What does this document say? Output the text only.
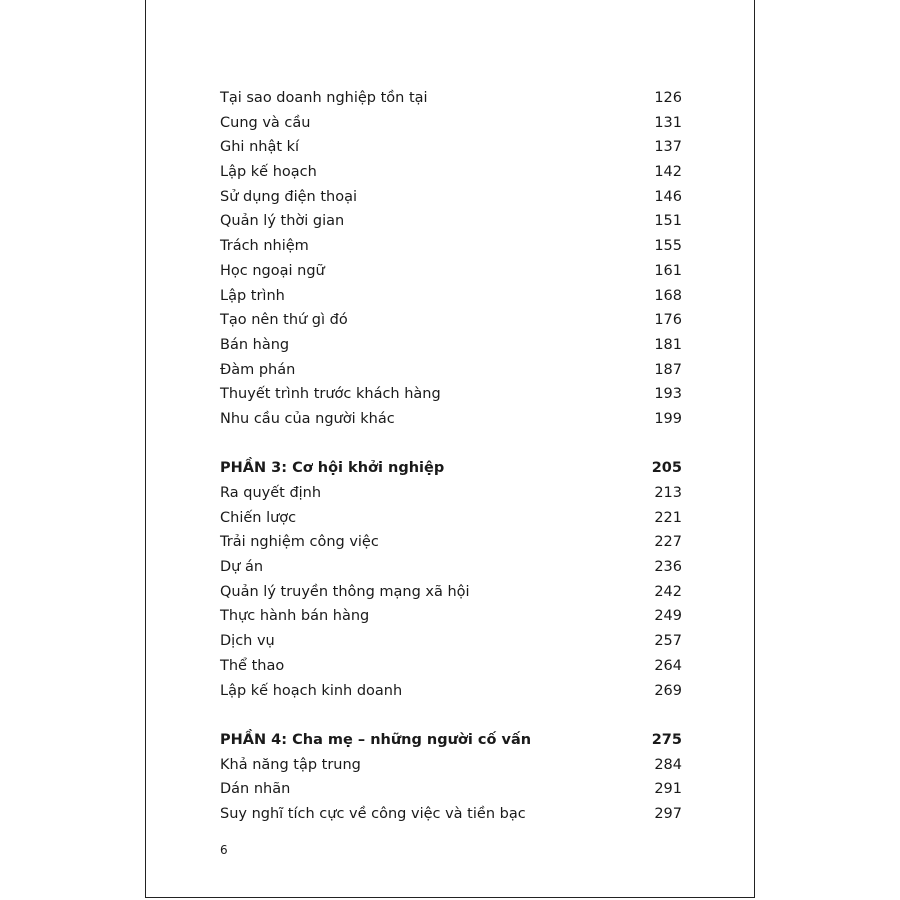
Tại sao doanh nghiệp tồn tại	126
Cung và cầu	131
Ghi nhật kí	137
Lập kế hoạch	142
Sử dụng điện thoại	146
Quản lý thời gian	151
Trách nhiệm	155
Học ngoại ngữ	161
Lập trình	168
Tạo nên thứ gì đó	176
Bán hàng	181
Đàm phán	187
Thuyết trình trước khách hàng	193
Nhu cầu của người khác	199
PHẦN 3: Cơ hội khởi nghiệp	205
Ra quyết định	213
Chiến lược	221
Trải nghiệm công việc	227
Dự án	236
Quản lý truyền thông mạng xã hội	242
Thực hành bán hàng	249
Dịch vụ	257
Thể thao	264
Lập kế hoạch kinh doanh	269
PHẦN 4: Cha mẹ – những người cố vấn	275
Khả năng tập trung	284
Dán nhãn	291
Suy nghĩ tích cực về công việc và tiền bạc	297
6
